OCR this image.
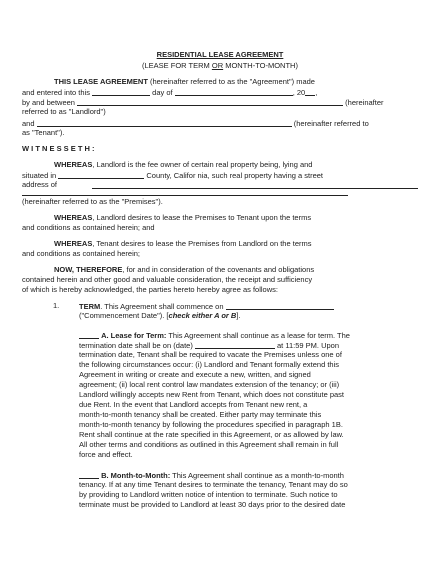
RESIDENTIAL LEASE AGREEMENT
(LEASE FOR TERM OR MONTH-TO-MONTH)
THIS LEASE AGREEMENT (hereinafter referred to as the "Agreement") made
and entered into this	day of	, 20 ,
by and between	(hereinafter
referred to as "Landlord")
and	(hereinafter referred to
as "Tenant").
W I T N E S S E T H :
WHEREAS, Landlord is the fee owner of certain real property being, lying and
situated in	County, Califor nia, such real property having a street
address of
(hereinafter referred to as the "Premises").
WHEREAS, Landlord desires to lease the Premises to Tenant upon the terms
and conditions as contained herein; and
WHEREAS, Tenant desires to lease the Premises from Landlord on the terms
and conditions as contained herein;
NOW, THEREFORE, for and in consideration of the covenants and obligations
contained herein and other good and valuable consideration, the receipt and sufficiency
of which is hereby acknowledged, the parties hereto hereby agree as follows:
1.	TERM. This Agreement shall commence on
("Commencement Date"). [check either A or B].
A. Lease for Term: This Agreement shall continue as a lease for term. The
termination date shall be on (date)	at 11:59 PM. Upon
termination date, Tenant shall be required to vacate the Premises unless one of
the following circumstances occur: (i) Landlord and Tenant formally extend this
Agreement in writing or create and execute a new, written, and signed
agreement; (ii) local rent control law mandates extension of the tenancy; or (iii)
Landlord willingly accepts new Rent from Tenant, which does not constitute past
due Rent. In the event that Landlord accepts from Tenant new rent, a
month-to-month tenancy shall be created. Either party may terminate this
month-to-month tenancy by following the procedures specified in paragraph 1B.
Rent shall continue at the rate specified in this Agreement, or as allowed by law.
All other terms and conditions as outlined in this Agreement shall remain in full
force and effect.
B. Month-to-Month: This Agreement shall continue as a month-to-month
tenancy. If at any time Tenant desires to terminate the tenancy, Tenant may do so
by providing to Landlord written notice of intention to terminate. Such notice to
terminate must be provided to Landlord at least 30 days prior to the desired date
